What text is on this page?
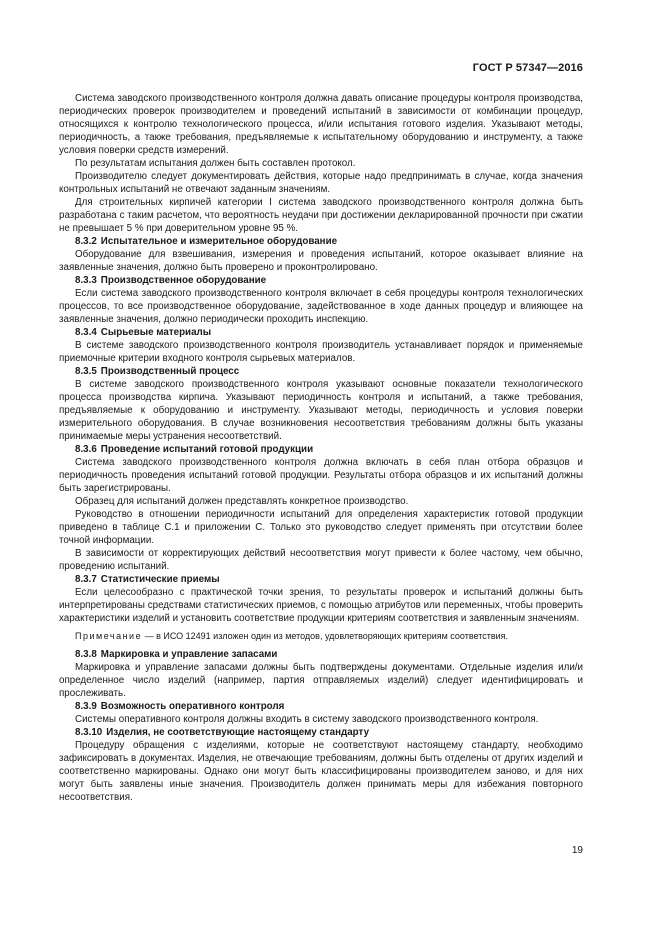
ГОСТ Р 57347—2016

Система заводского производственного контроля должна давать описание процедуры контроля производства, периодических проверок производителем и проведений испытаний в зависимости от комбинации процедур, относящихся к контролю технологического процесса, и/или испытания готового изделия. Указывают методы, периодичность, а также требования, предъявляемые к испытательному оборудованию и инструменту, а также условия поверки средств измерений.

По результатам испытания должен быть составлен протокол.

Производителю следует документировать действия, которые надо предпринимать в случае, когда значения контрольных испытаний не отвечают заданным значениям.

Для строительных кирпичей категории I система заводского производственного контроля должна быть разработана с таким расчетом, что вероятность неудачи при достижении декларированной прочности при сжатии не превышает 5 % при доверительном уровне 95 %.

8.3.2 Испытательное и измерительное оборудование

Оборудование для взвешивания, измерения и проведения испытаний, которое оказывает влияние на заявленные значения, должно быть проверено и проконтролировано.

8.3.3 Производственное оборудование

Если система заводского производственного контроля включает в себя процедуры контроля технологических процессов, то все производственное оборудование, задействованное в ходе данных процедур и влияющее на заявленные значения, должно периодически проходить инспекцию.

8.3.4 Сырьевые материалы

В системе заводского производственного контроля производитель устанавливает порядок и применяемые приемочные критерии входного контроля сырьевых материалов.

8.3.5 Производственный процесс

В системе заводского производственного контроля указывают основные показатели технологического процесса производства кирпича. Указывают периодичность контроля и испытаний, а также требования, предъявляемые к оборудованию и инструменту. Указывают методы, периодичность и условия поверки измерительного оборудования. В случае возникновения несоответствия требованиям должны быть указаны принимаемые меры устранения несоответствий.

8.3.6 Проведение испытаний готовой продукции

Система заводского производственного контроля должна включать в себя план отбора образцов и периодичность проведения испытаний готовой продукции. Результаты отбора образцов и их испытаний должны быть зарегистрированы.

Образец для испытаний должен представлять конкретное производство.

Руководство в отношении периодичности испытаний для определения характеристик готовой продукции приведено в таблице С.1 и приложении С. Только это руководство следует применять при отсутствии более точной информации.

В зависимости от корректирующих действий несоответствия могут привести к более частому, чем обычно, проведению испытаний.

8.3.7 Статистические приемы

Если целесообразно с практической точки зрения, то результаты проверок и испытаний должны быть интерпретированы средствами статистических приемов, с помощью атрибутов или переменных, чтобы проверить характеристики изделий и установить соответствие продукции критериям соответствия и заявленным значениям.

Примечание — в ИСО 12491 изложен один из методов, удовлетворяющих критериям соответствия.

8.3.8 Маркировка и управление запасами

Маркировка и управление запасами должны быть подтверждены документами. Отдельные изделия или/и определенное число изделий (например, партия отправляемых изделий) следует идентифицировать и прослеживать.

8.3.9 Возможность оперативного контроля

Системы оперативного контроля должны входить в систему заводского производственного контроля.

8.3.10 Изделия, не соответствующие настоящему стандарту

Процедуру обращения с изделиями, которые не соответствуют настоящему стандарту, необходимо зафиксировать в документах. Изделия, не отвечающие требованиям, должны быть отделены от других изделий и соответственно маркированы. Однако они могут быть классифицированы производителем заново, и для них могут быть заявлены иные значения. Производитель должен принимать меры для избежания повторного несоответствия.

19
